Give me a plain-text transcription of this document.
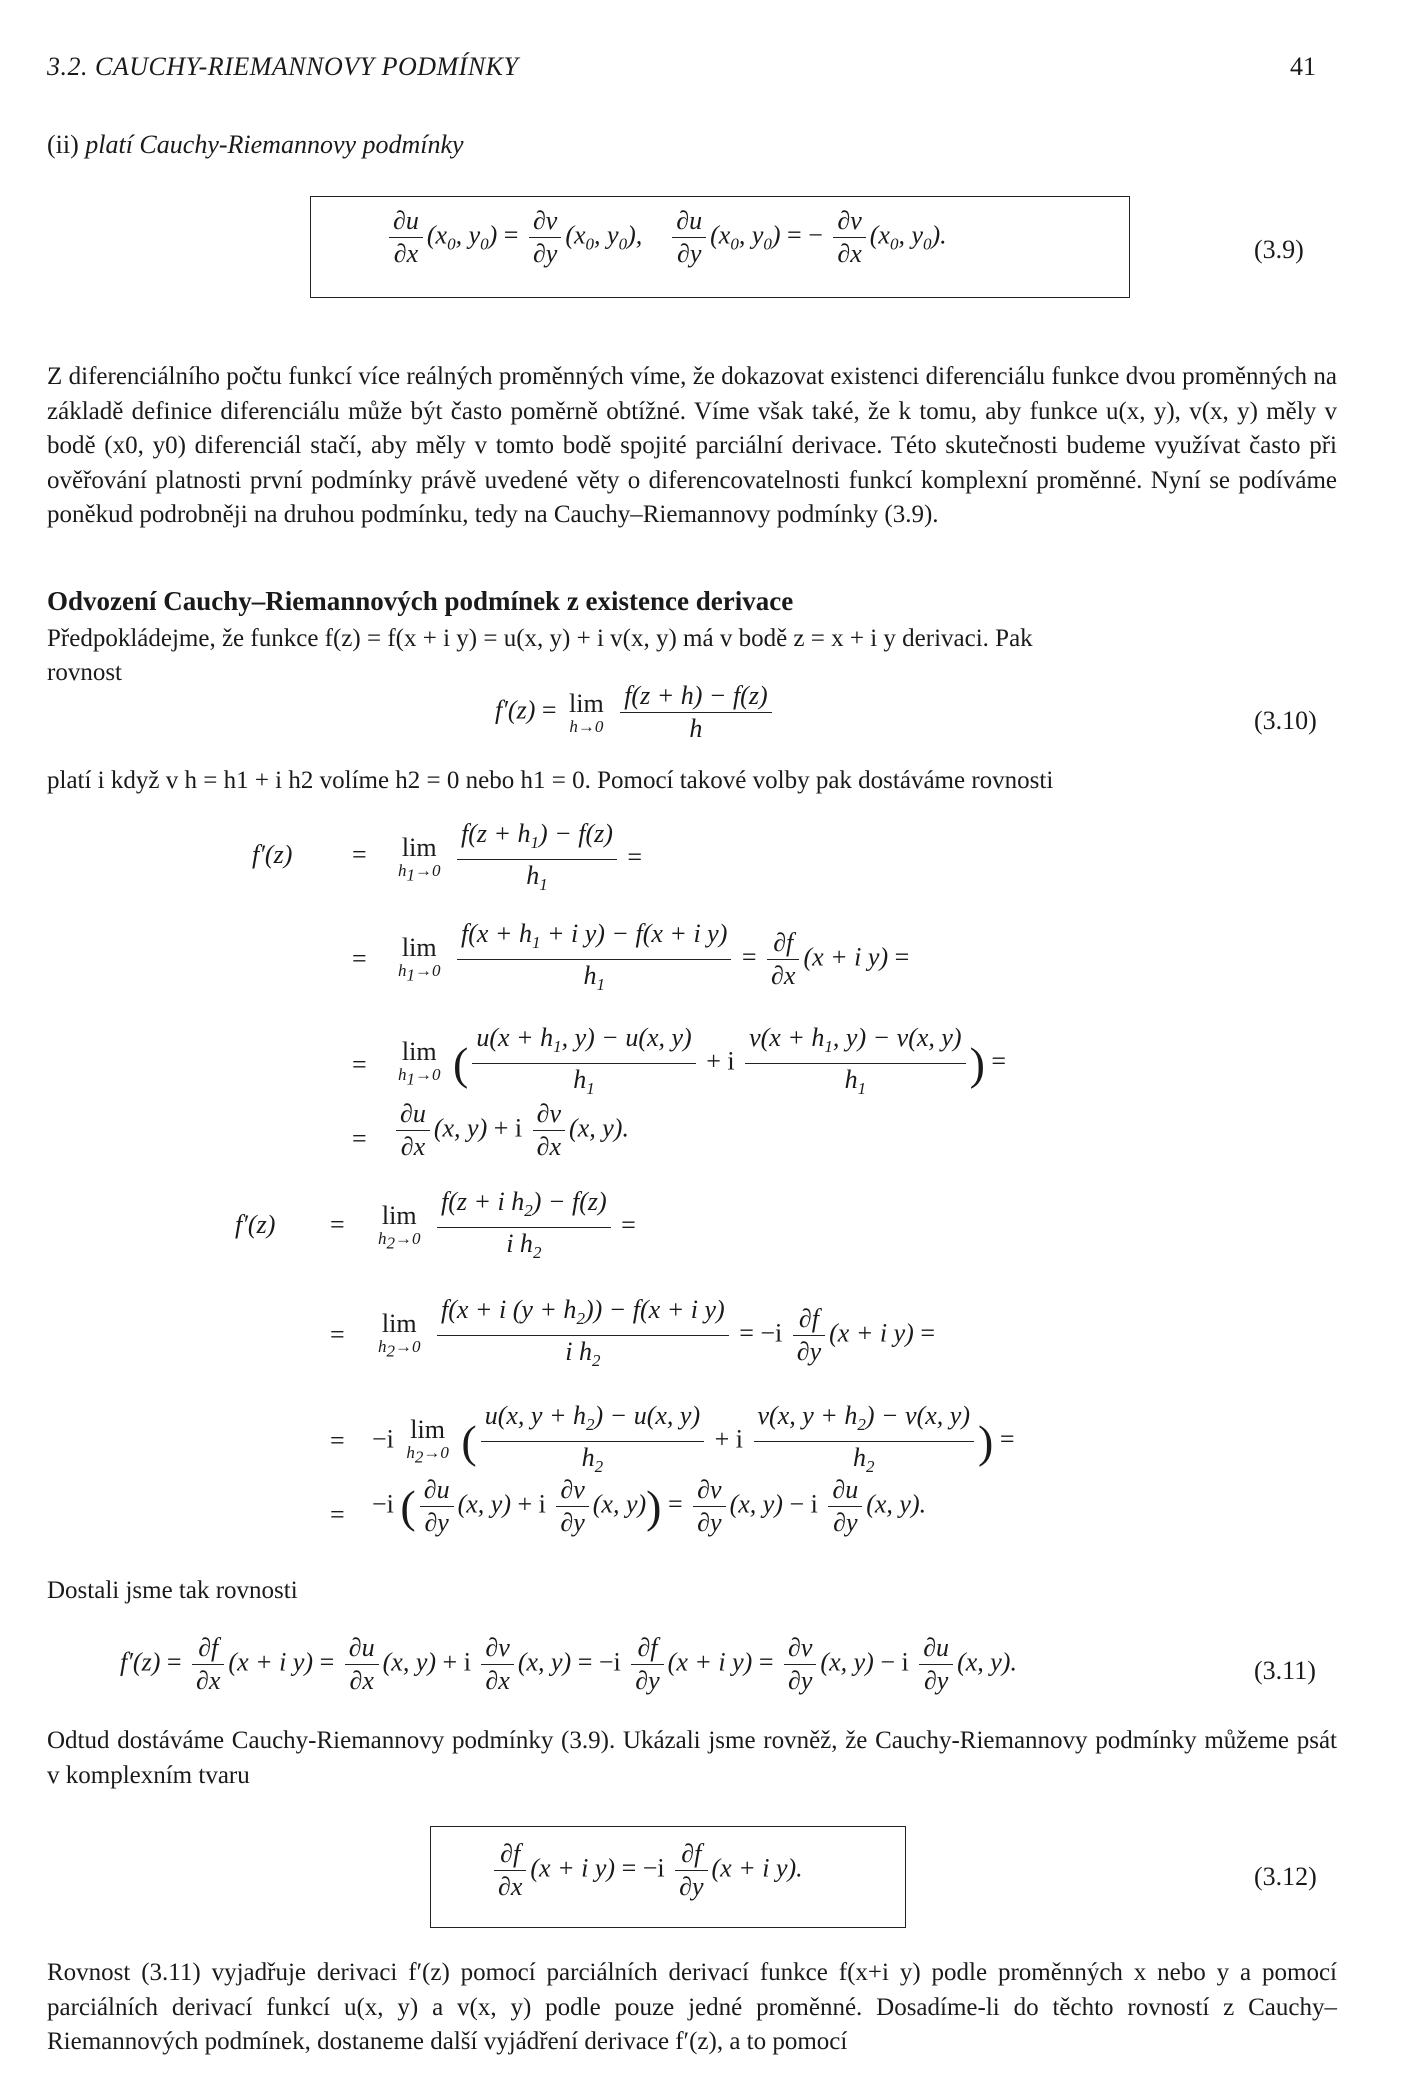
3.2. CAUCHY-RIEMANNOVY PODMÍNKY	41
(ii) platí Cauchy-Riemannovy podmínky
$\frac{\partial u}{\partial x} (x_0$, $y_0) = \frac{\partial v}{\partial y} (x_0$, $y_0$), $\frac{\partial u}{\partial y} (x_0$, $y_0$) = − $\frac{\partial v}{\partial x} (x_0$, $y_0$).
(3.9)
Z diferenciálního počtu funkcí více reálných proměnných víme, že dokazovat existenci diferenciálu funkce dvou proměnných na základě definice diferenciálu může být často poměrně obtížné. Víme však také, že k tomu, aby funkce u(x, y), v(x, y) měly v bodě (x0, y0) diferenciál stačí, aby měly v tomto bodě spojité parciální derivace. Této skutečnosti budeme využívat často při ověřování platnosti první podmínky právě uvedené věty o diferencovatelnosti funkcí komplexní proměnné. Nyní se podíváme poněkud podrobněji na druhou podmínku, tedy na Cauchy–Riemannovy podmínky (3.9).
Odvození Cauchy–Riemannových podmínek z existence derivace
Předpokládejme, že funkce f(z) = f(x + i y) = u(x, y) + i v(x, y) má v bodě z = x + i y derivaci. Pak
rovnost
f′(z) = lim
h→0
$\frac{f(z + h) - f(z)}{h}$	(3.10)
platí i když v h = h1 + i h2 volíme h2 = 0 nebo h1 = 0. Pomocí takové volby pak dostáváme rovnosti
f′(z) = lim
$h_1\to 0$
$\frac{f(z + h_1) - f(z)}{h_1}$ =
= lim
$h_1\to 0$
$\frac{f(x + h_1 + i y) - f(x + i y)}{h_1} = \frac{\partial f}{\partial x} (x + i$ y) =
= lim
$h_1\to 0$ ( $\frac{u(x + h_1, y) - u(x, y)}{h_1} + i \frac{v(x + h_1, y) - v(x, y)}{h_1}$ ) =
= $\frac{\partial u}{\partial x} (x$, y) + i $\frac{\partial v}{\partial x} (x$, y).
f′(z) = lim
$h_2\to 0$
$\frac{f(z + i h_2) - f(z)}{i h_2}$ =
= lim
$h_2\to 0$
$\frac{f(x + i (y + h_2)) - f(x + i y)}{i h_2} = -i \frac{\partial f}{\partial y} (x + i$ y) =
= −i lim
$h_2\to 0$ ( $\frac{u(x, y + h_2) - u(x, y)}{h_2} + i \frac{v(x, y + h_2) - v(x, y)}{h_2}$ ) =
= −i ( $\frac{\partial u}{\partial y} (x$, y) + i $\frac{\partial v}{\partial y} (x$, $y)) = \frac{\partial v}{\partial y} (x$, y) − i $\frac{\partial u}{\partial y} (x$, y).
Dostali jsme tak rovnosti
$f'(z) = \frac{\partial f}{\partial x} (x + i$ $y) = \frac{\partial u}{\partial x} (x$, y) + i $\frac{\partial v}{\partial x} (x$, $y) = -i \frac{\partial f}{\partial y} (x + i$ $y) = \frac{\partial v}{\partial y} (x$, y) − i $\frac{\partial u}{\partial y} (x$, y).	(3.11)
Odtud dostáváme Cauchy-Riemannovy podmínky (3.9). Ukázali jsme rovněž, že Cauchy-Riemannovy podmínky můžeme psát v komplexním tvaru
$\frac{\partial f}{\partial x} (x + i$ $y) = -i \frac{\partial f}{\partial y} (x + i$ y).	(3.12)
Rovnost (3.11) vyjadřuje derivaci f′(z) pomocí parciálních derivací funkce f(x+i y) podle proměnných x nebo y a pomocí parciálních derivací funkcí u(x, y) a v(x, y) podle pouze jedné proměnné. Dosadíme-li do těchto rovností z Cauchy–Riemannových podmínek, dostaneme další vyjádření derivace f′(z), a to pomocí
